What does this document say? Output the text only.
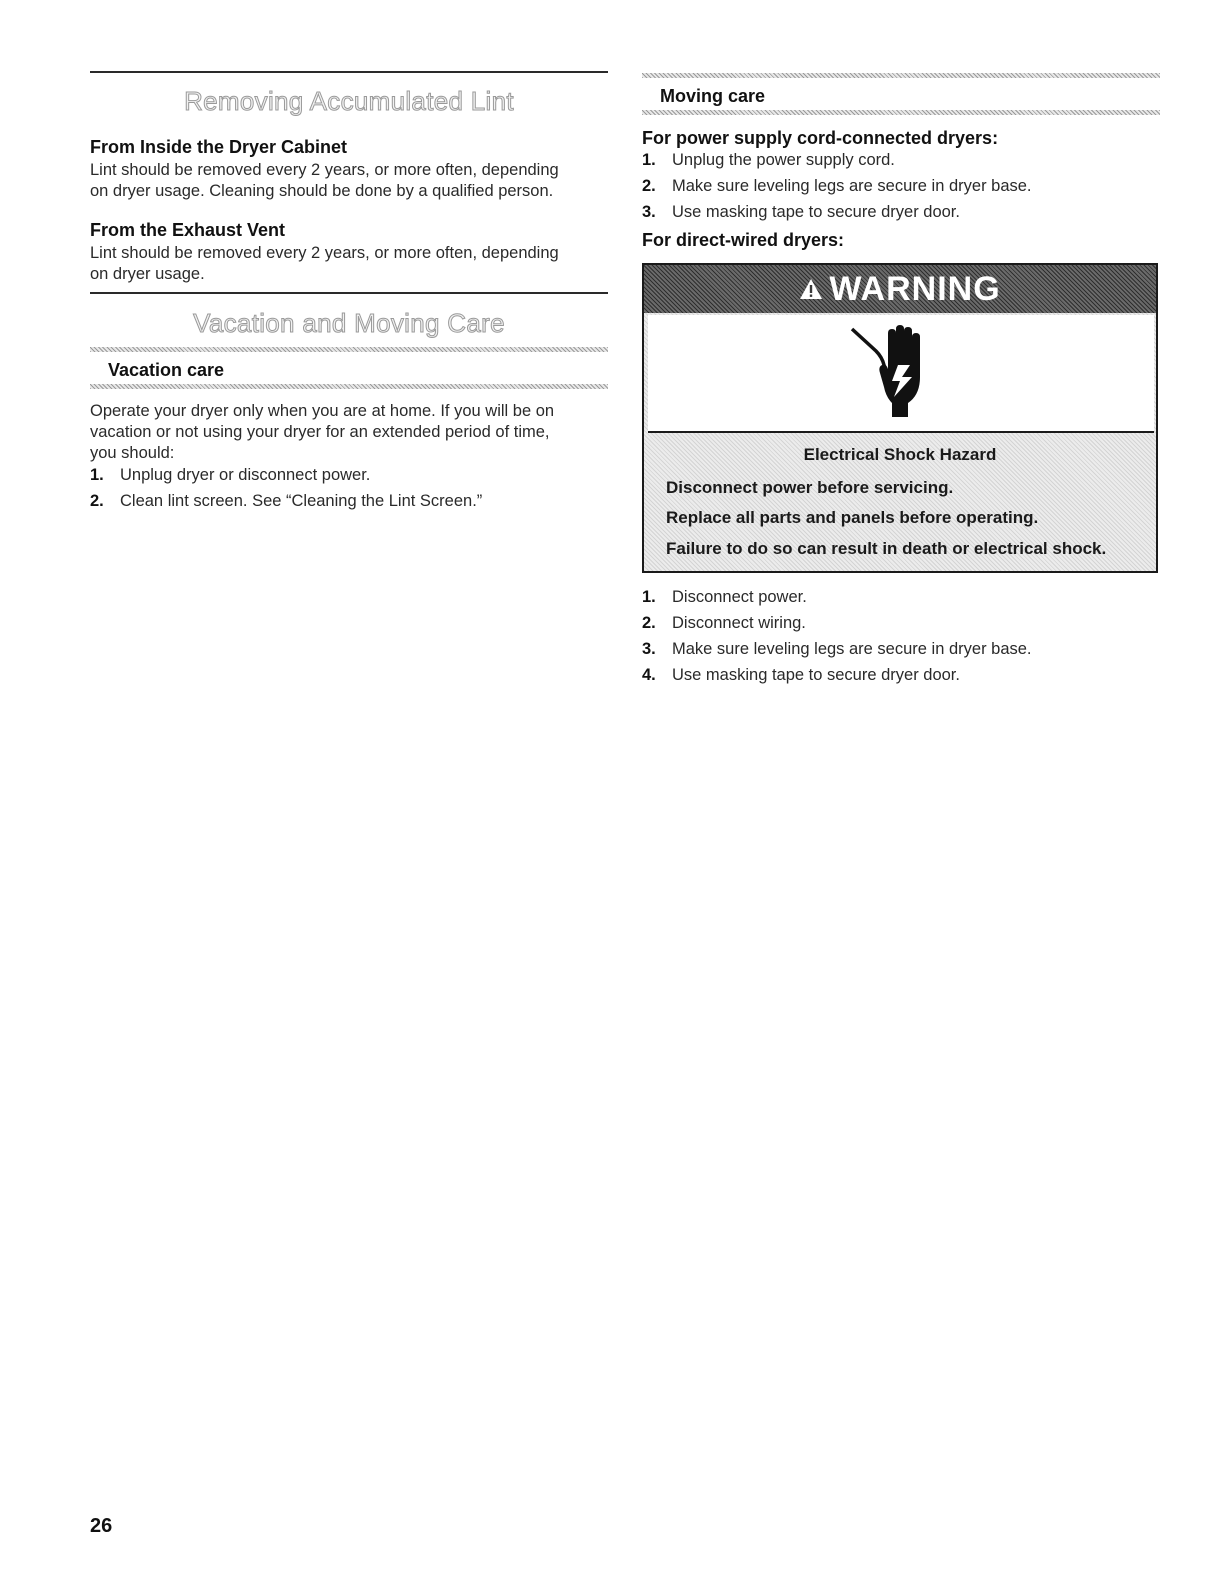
Removing Accumulated Lint
From Inside the Dryer Cabinet
Lint should be removed every 2 years, or more often, depending
on dryer usage. Cleaning should be done by a qualified person.
From the Exhaust Vent
Lint should be removed every 2 years, or more often, depending
on dryer usage.
Vacation and Moving Care
Vacation care
Operate your dryer only when you are at home. If you will be on
vacation or not using your dryer for an extended period of time,
you should:
1. Unplug dryer or disconnect power.
2. Clean lint screen. See “Cleaning the Lint Screen.”
Moving care
For power supply cord-connected dryers:
1. Unplug the power supply cord.
2. Make sure leveling legs are secure in dryer base.
3. Use masking tape to secure dryer door.
For direct-wired dryers:
1. Disconnect power.
2. Disconnect wiring.
3. Make sure leveling legs are secure in dryer base.
4. Use masking tape to secure dryer door.
WARNING
Electrical Shock Hazard
Disconnect power before servicing.
Replace all parts and panels before operating.
Failure to do so can result in death or electrical shock.
26
